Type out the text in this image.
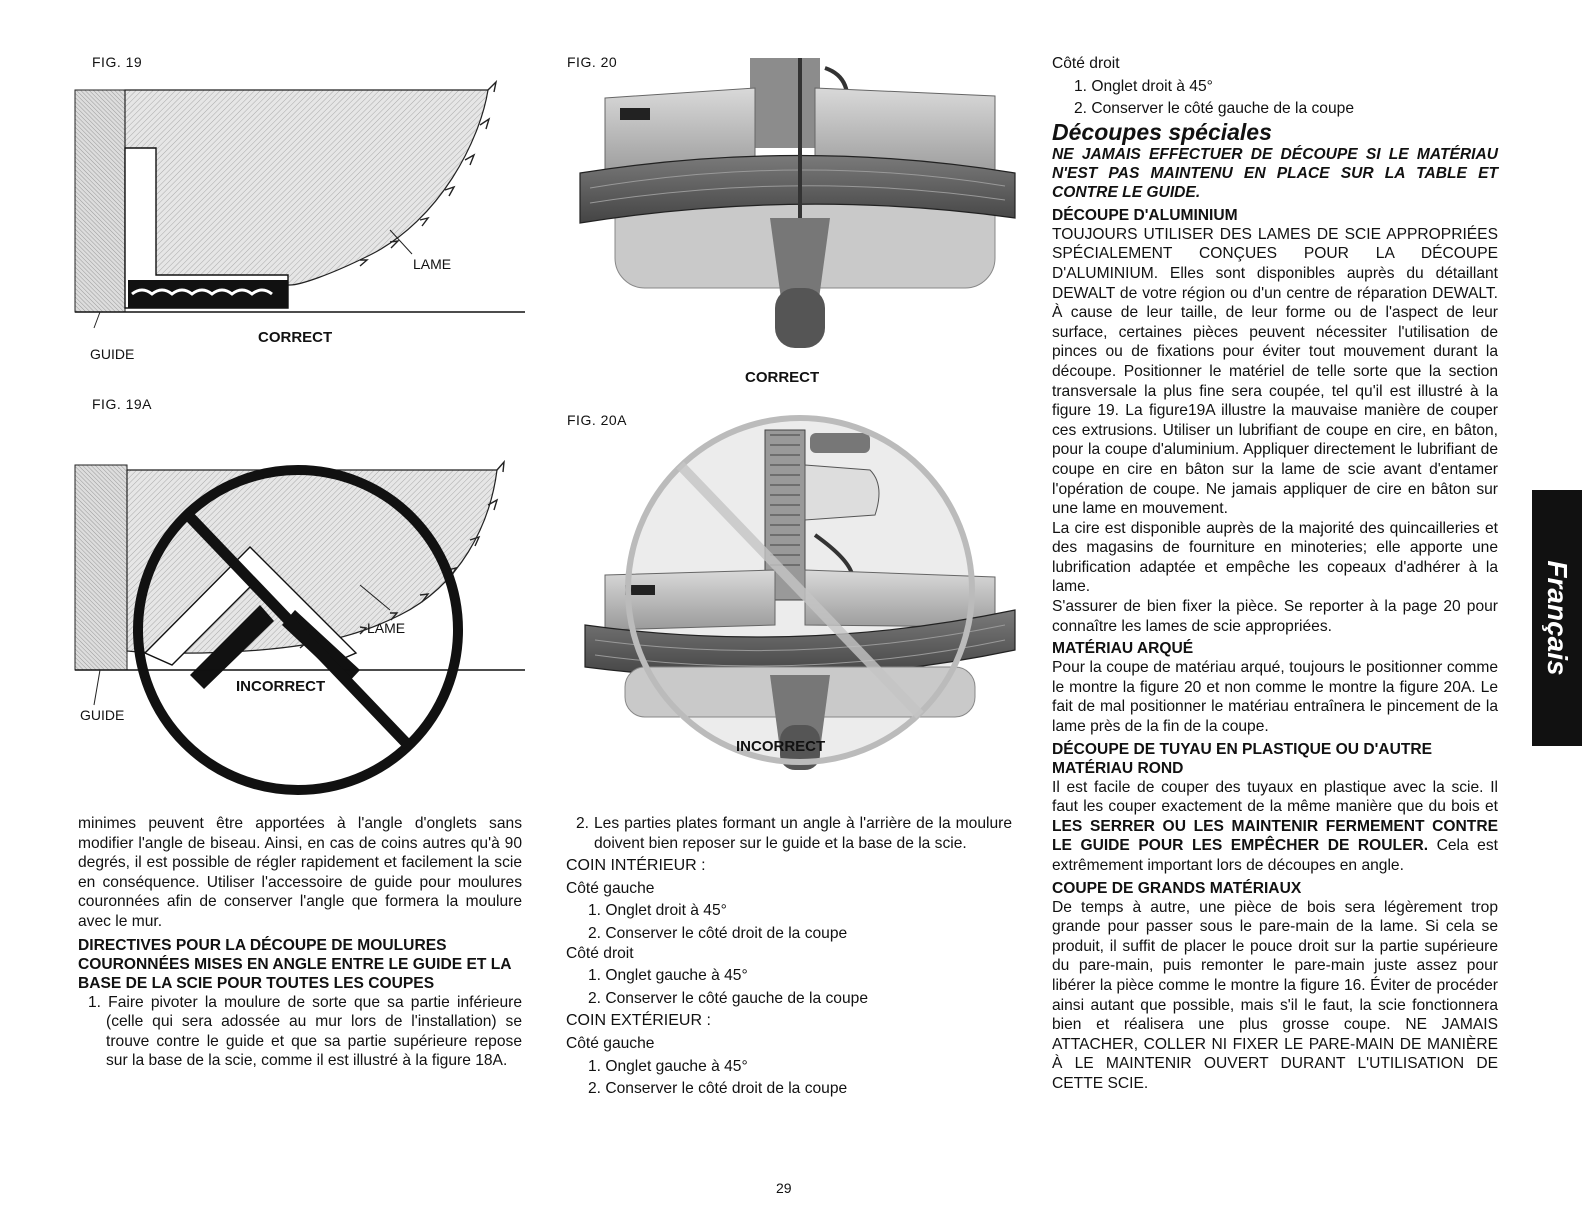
FIG. 19
LAME
CORRECT
GUIDE
FIG. 19A
LAME
INCORRECT
GUIDE
FIG. 20
CORRECT
FIG. 20A
INCORRECT

minimes peuvent être apportées à l'angle d'onglets sans modifier l'angle de biseau. Ainsi, en cas de coins autres qu'à 90 degrés, il est possible de régler rapidement et facilement la scie en conséquence. Utiliser l'accessoire de guide pour moulures couronnées afin de conserver l'angle que formera la moulure avec le mur.

DIRECTIVES POUR LA DÉCOUPE DE MOULURES COURONNÉES MISES EN ANGLE ENTRE LE GUIDE ET LA BASE DE LA SCIE POUR TOUTES LES COUPES

1. Faire pivoter la moulure de sorte que sa partie inférieure (celle qui sera adossée au mur lors de l'installation) se trouve contre le guide et que sa partie supérieure repose sur la base de la scie, comme il est illustré à la figure 18A.

2. Les parties plates formant un angle à l'arrière de la moulure doivent bien reposer sur le guide et la base de la scie.

COIN INTÉRIEUR :
Côté gauche
1. Onglet droit à 45°
2. Conserver le côté droit de la coupe
Côté droit
1. Onglet gauche à 45°
2. Conserver le côté gauche de la coupe
COIN EXTÉRIEUR :
Côté gauche
1. Onglet gauche à 45°
2. Conserver le côté droit de la coupe
Côté droit
1. Onglet droit à 45°
2. Conserver le côté gauche de la coupe
Découpes spéciales
NE JAMAIS EFFECTUER DE DÉCOUPE SI LE MATÉRIAU N'EST PAS MAINTENU EN PLACE SUR LA TABLE ET CONTRE LE GUIDE.
DÉCOUPE D'ALUMINIUM

TOUJOURS UTILISER DES LAMES DE SCIE APPROPRIÉES SPÉCIALEMENT CONÇUES POUR LA DÉCOUPE D'ALUMINIUM. Elles sont disponibles auprès du détaillant DEWALT de votre région ou d'un centre de réparation DEWALT. À cause de leur taille, de leur forme ou de l'aspect de leur surface, certaines pièces peuvent nécessiter l'utilisation de pinces ou de fixations pour éviter tout mouvement durant la découpe. Positionner le matériel de telle sorte que la section transversale la plus fine sera coupée, tel qu'il est illustré à la figure 19. La figure19A illustre la mauvaise manière de couper ces extrusions. Utiliser un lubrifiant de coupe en cire, en bâton, pour la coupe d'aluminium. Appliquer directement le lubrifiant de coupe en cire en bâton sur la lame de scie avant d'entamer l'opération de coupe. Ne jamais appliquer de cire en bâton sur une lame en mouvement.

La cire est disponible auprès de la majorité des quincailleries et des magasins de fourniture en minoteries; elle apporte une lubrification adaptée et empêche les copeaux d'adhérer à la lame.

S'assurer de bien fixer la pièce. Se reporter à la page 20 pour connaître les lames de scie appropriées.

MATÉRIAU ARQUÉ

Pour la coupe de matériau arqué, toujours le positionner comme le montre la figure 20 et non comme le montre la figure 20A. Le fait de mal positionner le matériau entraînera le pincement de la lame près de la fin de la coupe.

DÉCOUPE DE TUYAU EN PLASTIQUE OU D'AUTRE MATÉRIAU ROND

Il est facile de couper des tuyaux en plastique avec la scie. Il faut les couper exactement de la même manière que du bois et LES SERRER OU LES MAINTENIR FERMEMENT CONTRE LE GUIDE POUR LES EMPÊCHER DE ROULER. Cela est extrêmement important lors de découpes en angle.

COUPE DE GRANDS MATÉRIAUX

De temps à autre, une pièce de bois sera légèrement trop grande pour passer sous le pare-main de la lame. Si cela se produit, il suffit de placer le pouce droit sur la partie supérieure du pare-main, puis remonter le pare-main juste assez pour libérer la pièce comme le montre la figure 16. Éviter de procéder ainsi autant que possible, mais s'il le faut, la scie fonctionnera bien et réalisera une plus grosse coupe. NE JAMAIS ATTACHER, COLLER NI FIXER LE PARE-MAIN DE MANIÈRE À LE MAINTENIR OUVERT DURANT L'UTILISATION DE CETTE SCIE.

Français
29
